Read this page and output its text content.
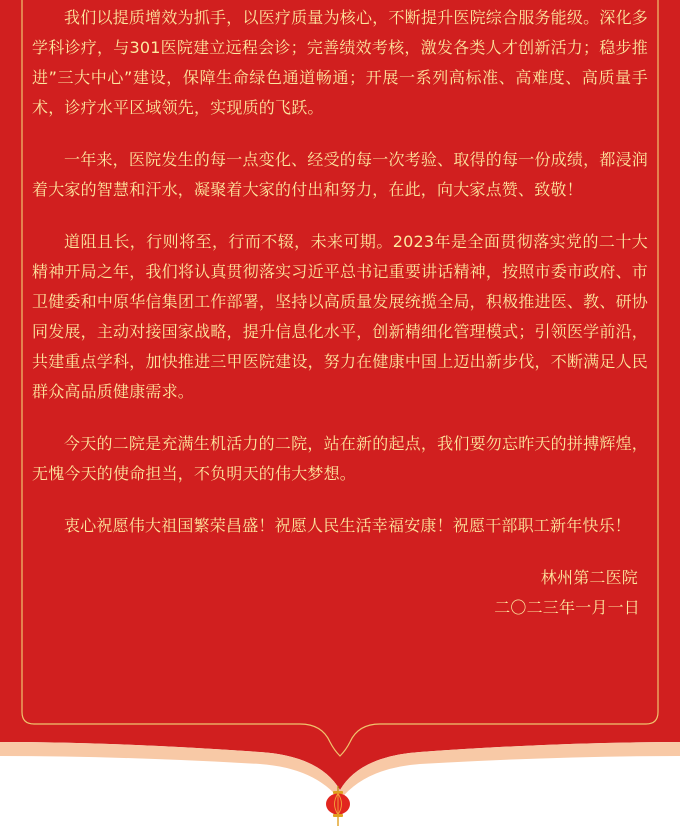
我们以提质增效为抓手，以医疗质量为核心，不断提升医院综合服务能级。深化多学科诊疗，与301医院建立远程会诊；完善绩效考核，激发各类人才创新活力；稳步推进”三大中心”建设，保障生命绿色通道畅通；开展一系列高标准、高难度、高质量手术，诊疗水平区域领先，实现质的飞跃。

一年来，医院发生的每一点变化、经受的每一次考验、取得的每一份成绩，都浸润着大家的智慧和汗水，凝聚着大家的付出和努力，在此，向大家点赞、致敬！

道阻且长，行则将至，行而不辍，未来可期。2023年是全面贯彻落实党的二十大精神开局之年，我们将认真贯彻落实习近平总书记重要讲话精神，按照市委市政府、市卫健委和中原华信集团工作部署，坚持以高质量发展统揽全局，积极推进医、教、研协同发展，主动对接国家战略，提升信息化水平，创新精细化管理模式；引领医学前沿，共建重点学科，加快推进三甲医院建设，努力在健康中国上迈出新步伐，不断满足人民群众高品质健康需求。

今天的二院是充满生机活力的二院，站在新的起点，我们要勿忘昨天的拼搏辉煌，无愧今天的使命担当，不负明天的伟大梦想。

衷心祝愿伟大祖国繁荣昌盛！祝愿人民生活幸福安康！祝愿干部职工新年快乐！

林州第二医院

二〇二三年一月一日
